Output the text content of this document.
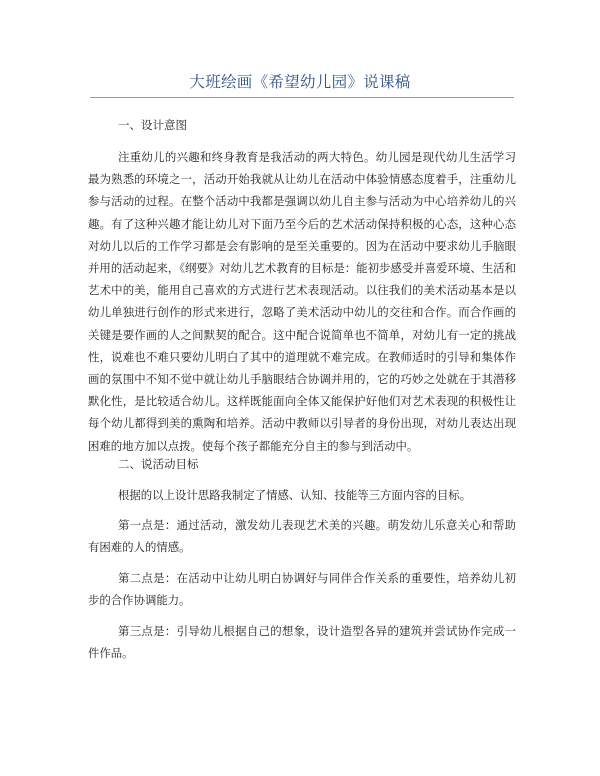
大班绘画《希望幼儿园》说课稿
一、设计意图

注重幼儿的兴趣和终身教育是我活动的两大特色。幼儿园是现代幼儿生活学习最为熟悉的环境之一，活动开始我就从让幼儿在活动中体验情感态度着手，注重幼儿参与活动的过程。在整个活动中我都是强调以幼儿自主参与活动为中心培养幼儿的兴趣。有了这种兴趣才能让幼儿对下面乃至今后的艺术活动保持积极的心态，这种心态对幼儿以后的工作学习都是会有影响的是至关重要的。因为在活动中要求幼儿手脑眼并用的活动起来，《纲要》对幼儿艺术教育的目标是：能初步感受并喜爱环境、生活和艺术中的美，能用自己喜欢的方式进行艺术表现活动。以往我们的美术活动基本是以幼儿单独进行创作的形式来进行，忽略了美术活动中幼儿的交往和合作。而合作画的关键是要作画的人之间默契的配合。这中配合说简单也不简单，对幼儿有一定的挑战性，说难也不难只要幼儿明白了其中的道理就不难完成。在教师适时的引导和集体作画的氛围中不知不觉中就让幼儿手脑眼结合协调并用的，它的巧妙之处就在于其潜移默化性，是比较适合幼儿。这样既能面向全体又能保护好他们对艺术表现的积极性让每个幼儿都得到美的熏陶和培养。活动中教师以引导者的身份出现，对幼儿表达出现困难的地方加以点拨。使每个孩子都能充分自主的参与到活动中。

二、说活动目标

根据的以上设计思路我制定了情感、认知、技能等三方面内容的目标。

第一点是：通过活动，激发幼儿表现艺术美的兴趣。萌发幼儿乐意关心和帮助有困难的人的情感。

第二点是：在活动中让幼儿明白协调好与同伴合作关系的重要性，培养幼儿初步的合作协调能力。

第三点是：引导幼儿根据自己的想象，设计造型各异的建筑并尝试协作完成一件作品。
